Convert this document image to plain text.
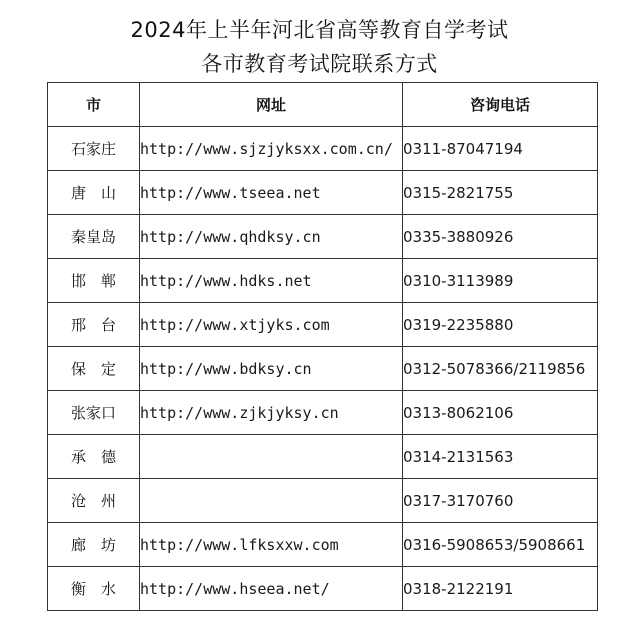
2024年上半年河北省高等教育自学考试
各市教育考试院联系方式
市	网址	咨询电话
石家庄	http://www.sjzjyksxx.com.cn/	0311-87047194
唐　山	http://www.tseea.net	0315-2821755
秦皇岛	http://www.qhdksy.cn	0335-3880926
邯　郸	http://www.hdks.net	0310-3113989
邢　台	http://www.xtjyks.com	0319-2235880
保　定	http://www.bdksy.cn	0312-5078366/2119856
张家口	http://www.zjkjyksy.cn	0313-8062106
承　德		0314-2131563
沧　州		0317-3170760
廊　坊	http://www.lfksxxw.com	0316-5908653/5908661
衡　水	http://www.hseea.net/	0318-2122191
